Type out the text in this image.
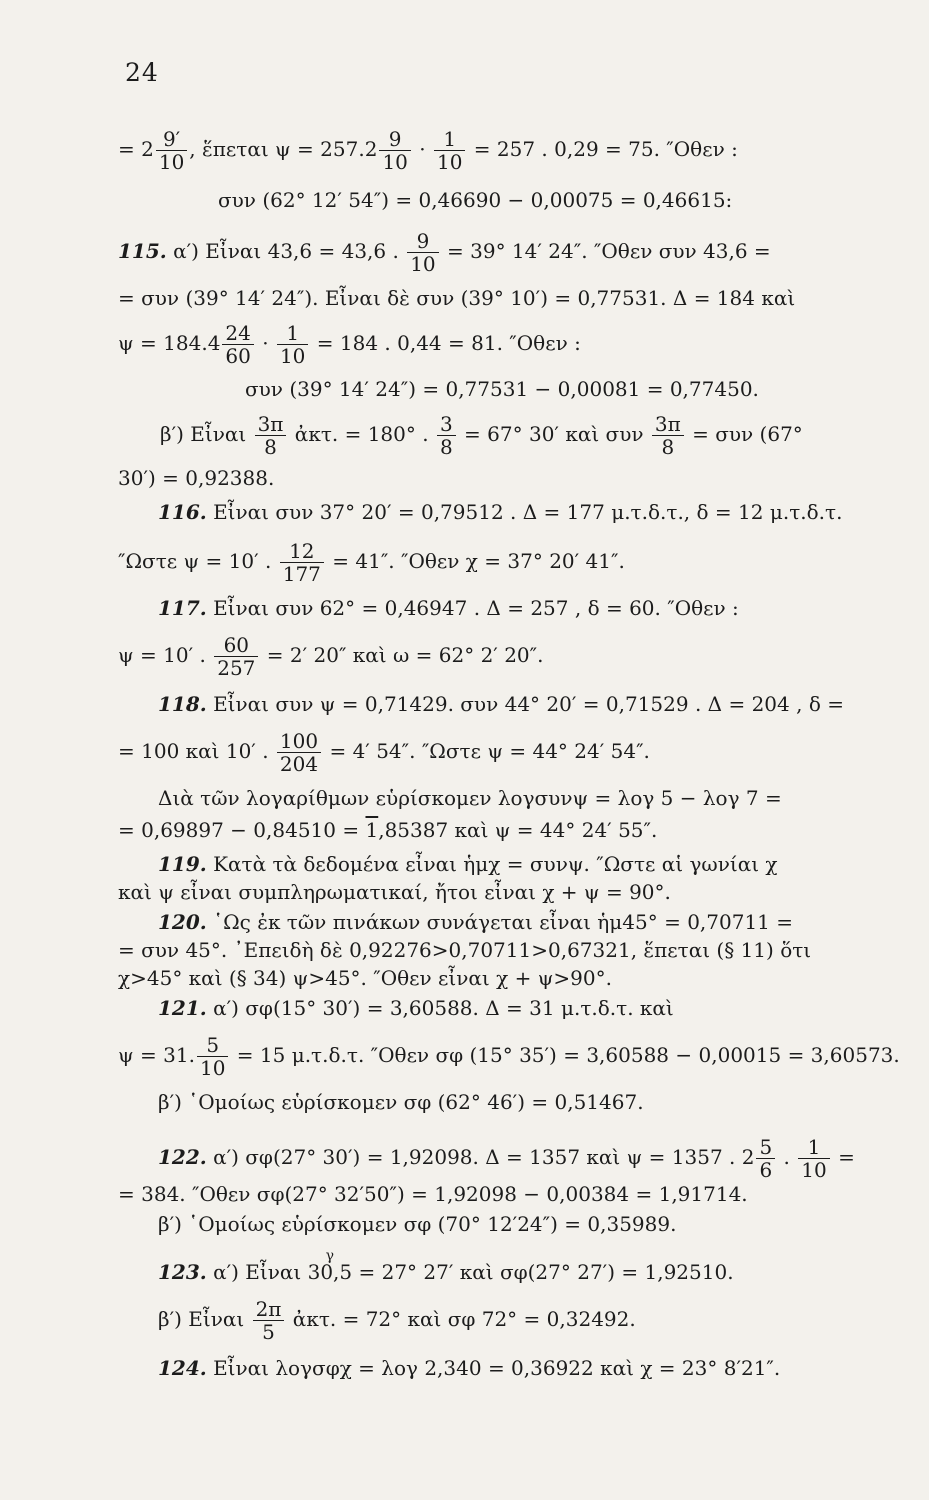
24
= $2 \frac{9'}{10}$ , ἕπεται $\psi = 257.2 \frac{9}{10} \cdot \frac{1}{10} = 257$ . 0,29 = 75. ″Οθεν :
συν (62° 12′ 54″) = 0,46690 − 0,00075 = 0,46615:
115. α′) Εἶναι 43,6 = 43,6 . $\frac{9}{10} = 39^\circ$ 14′ 24″. ″Οθεν συν 43,6 =
= συν (39° 14′ 24″). Εἶναι δὲ συν (39° 10′) = 0,77531. Δ = 184 καὶ
$\psi = 184.4 \frac{24}{60} \cdot \frac{1}{10} = 184$ . 0,44 = 81. ″Οθεν :
συν (39° 14′ 24″) = 0,77531 − 0,00081 = 0,77450.
β′) Εἶναι $\frac{3\pi}{8}$ ἀκτ. = 180° . $\frac{3}{8} = 67^\circ$ 30′ καὶ συν $\frac{3\pi}{8} = \sigma\upsilon\nu$ (67°
30′) = 0,92388.
116. Εἶναι συν 37° 20′ = 0,79512 . Δ = 177 μ.τ.δ.τ., δ = 12 μ.τ.δ.τ.
″Ωστε ψ = 10′ . $\frac{12}{177} = 41''$. ″Οθεν χ = 37° 20′ 41″.
117. Εἶναι συν 62° = 0,46947 . Δ = 257 , δ = 60. ″Οθεν :
ψ = 10′ . $\frac{60}{257} = 2'$ 20″ καὶ ω = 62° 2′ 20″.
118. Εἶναι συν ψ = 0,71429. συν 44° 20′ = 0,71529 . Δ = 204 , δ =
= 100 καὶ 10′ . $\frac{100}{204} = 4'$ 54″. ″Ωστε ψ = 44° 24′ 54″.
Διὰ τῶν λογαρίθμων εὑρίσκομεν λογσυνψ = λογ 5 − λογ 7 =
= 0,69897 − 0,84510 = 1,85387 καὶ ψ = 44° 24′ 55″.
119. Κατὰ τὰ δεδομένα εἶναι ἡμχ = συνψ. ″Ωστε αἱ γωνίαι χ
καὶ ψ εἶναι συμπληρωματικαί, ἤτοι εἶναι χ + ψ = 90°.
120. ῾Ως ἐκ τῶν πινάκων συνάγεται εἶναι ἡμ45° = 0,70711 =
= συν 45°. ᾿Επειδὴ δὲ 0,92276>0,70711>0,67321, ἕπεται (§ 11) ὅτι
χ>45° καὶ (§ 34) ψ>45°. ″Οθεν εἶναι χ + ψ>90°.
121. α′) σφ(15° 30′) = 3,60588. Δ = 31 μ.τ.δ.τ. καὶ
ψ = 31. $\frac{5}{10} = 15$ μ.τ.δ.τ. ″Οθεν σφ (15° 35′) = 3,60588 − 0,00015 = 3,60573.
β′) ῾Ομοίως εὑρίσκομεν σφ (62° 46′) = 0,51467.
122. α′) σφ(27° 30′) = 1,92098. Δ = 1357 καὶ ψ = 1357 . $2 \frac{5}{6}$ . $\frac{1}{10}$ =
= 384. ″Οθεν σφ(27° 32′50″) = 1,92098 − 0,00384 = 1,91714.
β′) ῾Ομοίως εὑρίσκομεν σφ (70° 12′24″) = 0,35989.
123. α′) Εἶναι
γ
30,5 = 27° 27′ καὶ σφ(27° 27′) = 1,92510.
β′) Εἶναι $\frac{2\pi}{5}$ ἀκτ. = 72° καὶ σφ 72° = 0,32492.
124. Εἶναι λογσφχ = λογ 2,340 = 0,36922 καὶ χ = 23° 8′21″.
